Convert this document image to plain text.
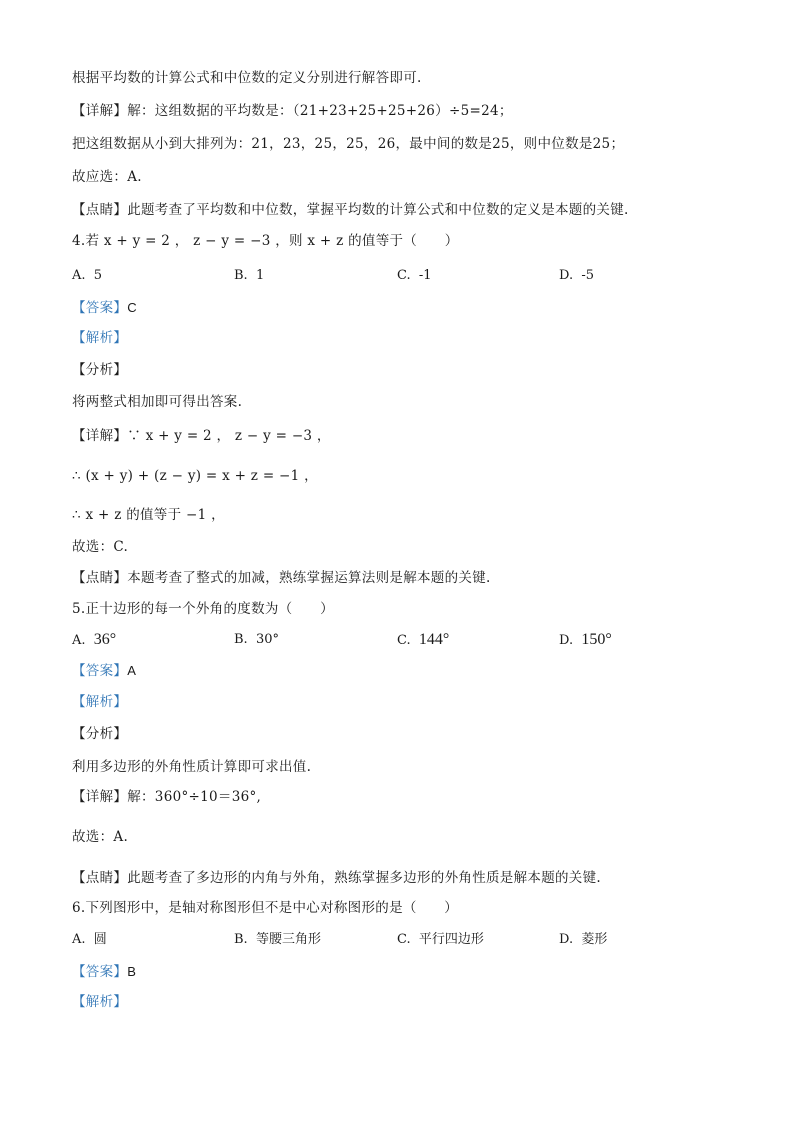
根据平均数的计算公式和中位数的定义分别进行解答即可.
【详解】解：这组数据的平均数是：（21+23+25+25+26）÷5=24；
把这组数据从小到大排列为：21，23，25，25，26，最中间的数是25，则中位数是25；
故应选：A.
【点睛】此题考查了平均数和中位数，掌握平均数的计算公式和中位数的定义是本题的关键.
4.若 x + y = 2 ， z − y = −3 ，则 x + z 的值等于（　　）
A. 5	B. 1	C. -1	D. -5
【答案】C
【解析】
【分析】
将两整式相加即可得出答案.
【详解】∵ x + y = 2 ， z − y = −3 ，
∴ (x + y) + (z − y) = x + z = −1 ，
∴ x + z 的值等于 −1 ，
故选：C.
【点睛】本题考查了整式的加减，熟练掌握运算法则是解本题的关键.
5.正十边形的每一个外角的度数为（　　）
A. 36°	B. 30°	C. 144°	D. 150°
【答案】A
【解析】
【分析】
利用多边形的外角性质计算即可求出值.
【详解】解：360°÷10＝36°,
故选：A.
【点睛】此题考查了多边形的内角与外角，熟练掌握多边形的外角性质是解本题的关键.
6.下列图形中，是轴对称图形但不是中心对称图形的是（　　）
A. 圆	B. 等腰三角形	C. 平行四边形	D. 菱形
【答案】B
【解析】
